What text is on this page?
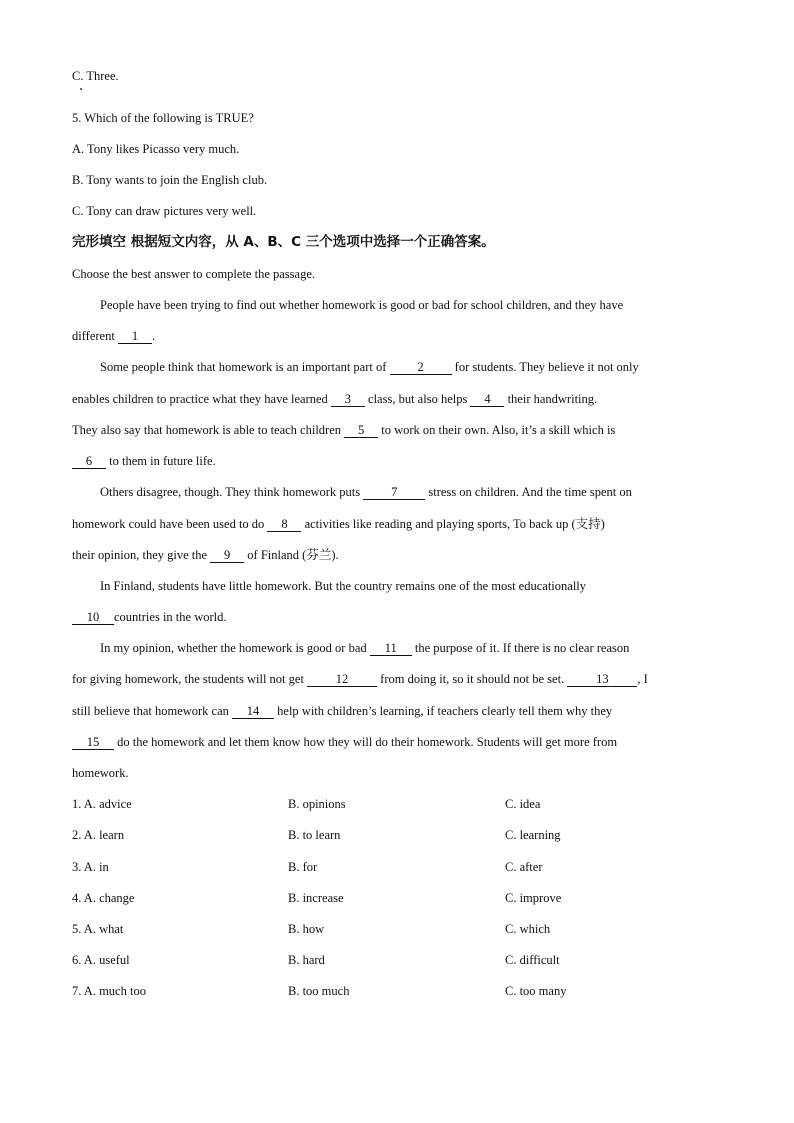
C. Three.
5. Which of the following is TRUE?
A. Tony likes Picasso very much.
B. Tony wants to join the English club.
C. Tony can draw pictures very well.
完形填空 根据短文内容，从 A、B、C 三个选项中选择一个正确答案。
Choose the best answer to complete the passage.
People have been trying to find out whether homework is good or bad for school children, and they have
different 1 .
Some people think that homework is an important part of 2 for students. They believe it not only
enables children to practice what they have learned 3 class, but also helps 4 their handwriting.
They also say that homework is able to teach children 5 to work on their own. Also, it’s a skill which is
6 to them in future life.
Others disagree, though. They think homework puts 7 stress on children. And the time spent on
homework could have been used to do 8 activities like reading and playing sports, To back up (支持)
their opinion, they give the 9 of Finland (芬兰).
In Finland, students have little homework. But the country remains one of the most educationally
10 countries in the world.
In my opinion, whether the homework is good or bad 11 the purpose of it. If there is no clear reason
for giving homework, the students will not get 12 from doing it, so it should not be set. 13 , I
still believe that homework can 14 help with children’s learning, if teachers clearly tell them why they
15 do the homework and let them know how they will do their homework. Students will get more from
homework.
1. A. advice	B. opinions	C. idea
2. A. learn	B. to learn	C. learning
3. A. in	B. for	C. after
4. A. change	B. increase	C. improve
5. A. what	B. how	C. which
6. A. useful	B. hard	C. difficult
7. A. much too	B. too much	C. too many
